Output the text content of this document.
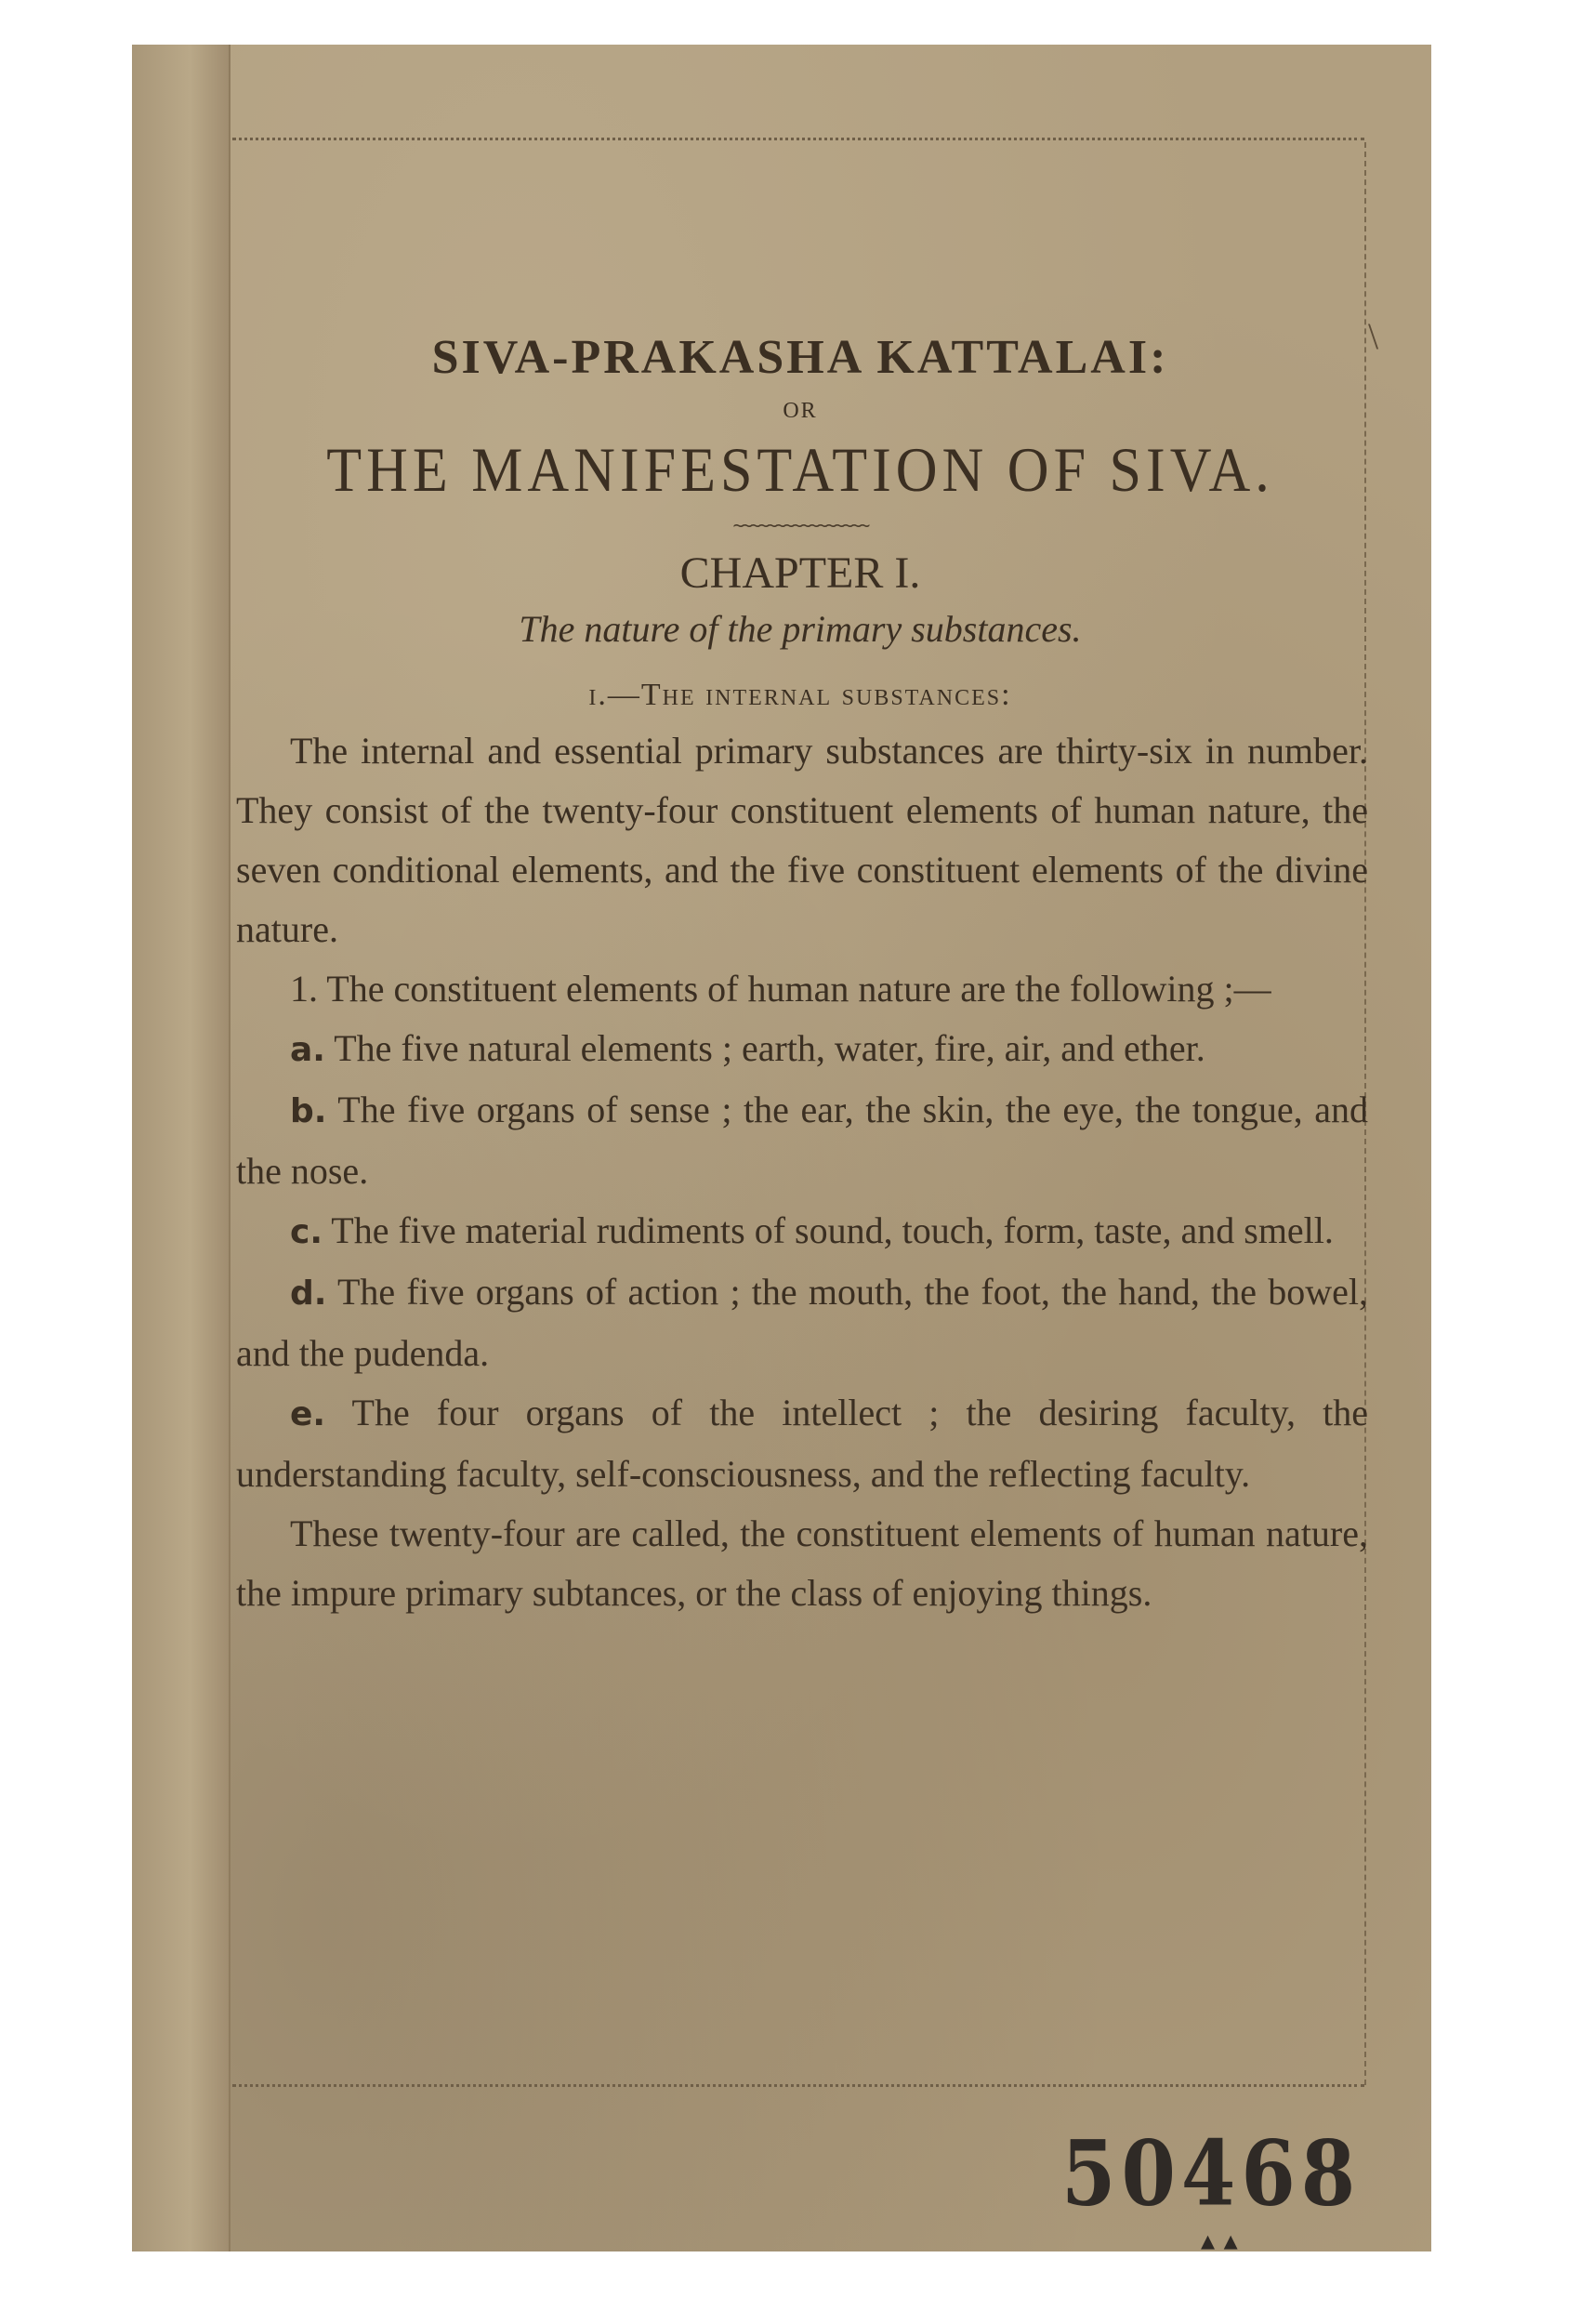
\

SIVA-PRAKASHA KATTALAI:

OR

THE MANIFESTATION OF SIVA.

~~~~~~~~~~~~~~~~

CHAPTER I.

The nature of the primary substances.

i.—The internal substances:

The internal and essential primary substances are thirty-six in number. They consist of the twenty-four constituent elements of human nature, the seven conditional elements, and the five constituent elements of the divine nature.

1. The constituent elements of human nature are the following ;—

a. The five natural elements ; earth, water, fire, air, and ether.

b. The five organs of sense ; the ear, the skin, the eye, the tongue, and the nose.

c. The five material rudiments of sound, touch, form, taste, and smell.

d. The five organs of action ; the mouth, the foot, the hand, the bowel, and the pudenda.

e. The four organs of the intellect ; the desiring faculty, the understanding faculty, self-consciousness, and the reflecting faculty.

These twenty-four are called, the constituent elements of human nature, the impure primary subtances, or the class of enjoying things.

50468
▴ ▴
